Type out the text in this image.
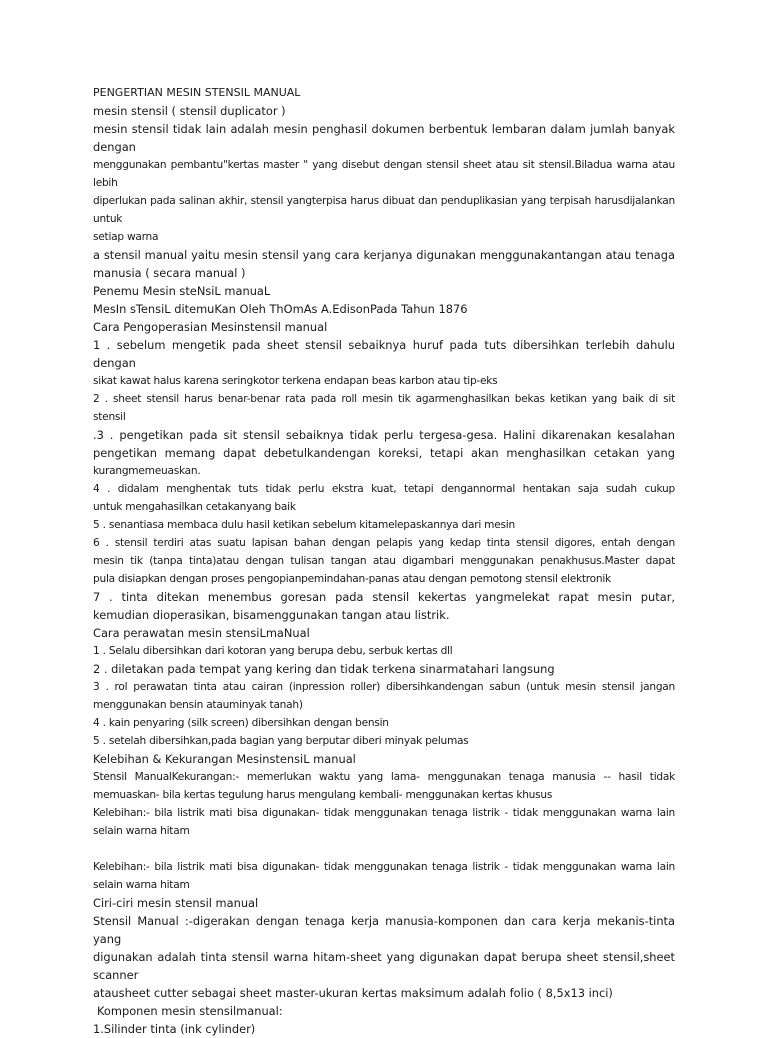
PENGERTIAN MESIN STENSIL MANUAL
mesin stensil ( stensil duplicator )
mesin stensil tidak lain adalah mesin penghasil dokumen berbentuk lembaran dalam jumlah banyak dengan
menggunakan pembantu"kertas master " yang disebut dengan stensil sheet atau sit stensil.Biladua warna atau lebih
diperlukan pada salinan akhir, stensil yangterpisa harus dibuat dan penduplikasian yang terpisah harusdijalankan untuk
setiap warna
a stensil manual yaitu mesin stensil yang cara kerjanya digunakan menggunakantangan atau tenaga
manusia ( secara manual )
Penemu Mesin steNsiL manuaL
MesIn sTensiL ditemuKan Oleh ThOmAs A.EdisonPada Tahun 1876
Cara Pengoperasian Mesinstensil manual
1 . sebelum mengetik pada sheet stensil sebaiknya huruf pada tuts dibersihkan terlebih dahulu dengan
sikat kawat halus karena seringkotor terkena endapan beas karbon atau tip-eks
2 . sheet stensil harus benar-benar rata pada roll mesin tik agarmenghasilkan bekas ketikan yang baik di sit
stensil
.3 . pengetikan pada sit stensil sebaiknya tidak perlu tergesa-gesa. Halini dikarenakan kesalahan
pengetikan memang dapat debetulkandengan koreksi, tetapi akan menghasilkan cetakan yang
kurangmemeuaskan.
4 . didalam menghentak tuts tidak perlu ekstra kuat, tetapi dengannormal hentakan saja sudah cukup
untuk mengahasilkan cetakanyang baik
5 . senantiasa membaca dulu hasil ketikan sebelum kitamelepaskannya dari mesin
6 . stensil terdiri atas suatu lapisan bahan dengan pelapis yang kedap tinta stensil digores, entah dengan
mesin tik (tanpa tinta)atau dengan tulisan tangan atau digambari menggunakan penakhusus.Master dapat
pula disiapkan dengan proses pengopianpemindahan-panas atau dengan pemotong stensil elektronik
7 . tinta ditekan menembus goresan pada stensil kekertas yangmelekat rapat mesin putar,
kemudian dioperasikan, bisamenggunakan tangan atau listrik.
Cara perawatan mesin stensiLmaNual
1 . Selalu dibersihkan dari kotoran yang berupa debu, serbuk kertas dll
2 . diletakan pada tempat yang kering dan tidak terkena sinarmatahari langsung
3 . rol perawatan tinta atau cairan (inpression roller) dibersihkandengan sabun (untuk mesin stensil jangan
menggunakan bensin atauminyak tanah)
4 . kain penyaring (silk screen) dibersihkan dengan bensin
5 . setelah dibersihkan,pada bagian yang berputar diberi minyak pelumas
Kelebihan & Kekurangan MesinstensiL manual
Stensil ManualKekurangan:- memerlukan waktu yang lama- menggunakan tenaga manusia -- hasil tidak
memuaskan- bila kertas tegulung harus mengulang kembali- menggunakan kertas khusus
Kelebihan:- bila listrik mati bisa digunakan- tidak menggunakan tenaga listrik - tidak menggunakan warna lain
selain warna hitam
Kelebihan:- bila listrik mati bisa digunakan- tidak menggunakan tenaga listrik - tidak menggunakan warna lain
selain warna hitam
Ciri-ciri mesin stensil manual
Stensil Manual :-digerakan dengan tenaga kerja manusia-komponen dan cara kerja mekanis-tinta yang
digunakan adalah tinta stensil warna hitam-sheet yang digunakan dapat berupa sheet stensil,sheet scanner
atausheet cutter sebagai sheet master-ukuran kertas maksimum adalah folio ( 8,5x13 inci)
Komponen mesin stensilmanual:
1.Silinder tinta (ink cylinder)
